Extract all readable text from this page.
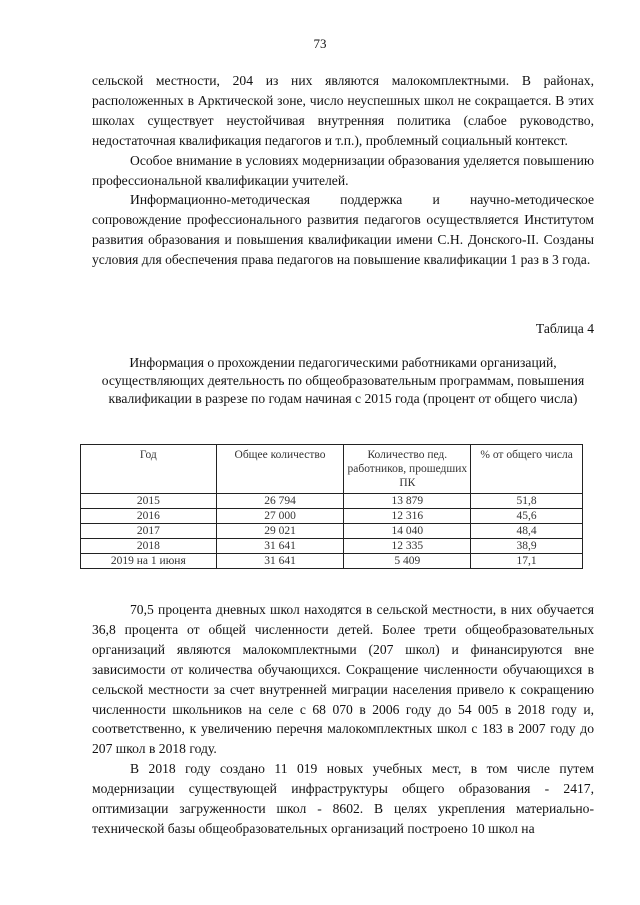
73

сельской местности, 204 из них являются малокомплектными. В районах, расположенных в Арктической зоне, число неуспешных школ не сокращается. В этих школах существует неустойчивая внутренняя политика (слабое руководство, недостаточная квалификация педагогов и т.п.), проблемный социальный контекст.

Особое внимание в условиях модернизации образования уделяется повышению профессиональной квалификации учителей.

Информационно-методическая поддержка и научно-методическое сопровождение профессионального развития педагогов осуществляется Институтом развития образования и повышения квалификации имени С.Н. Донского-II. Созданы условия для обеспечения права педагогов на повышение квалификации 1 раз в 3 года.

Таблица 4
Информация о прохождении педагогическими работниками организаций, осуществляющих деятельность по общеобразовательным программам, повышения квалификации в разрезе по годам начиная с 2015 года (процент от общего числа)
Год	Общее количество	Количество пед. работников, прошедших ПК	% от общего числа
2015	26 794	13 879	51,8
2016	27 000	12 316	45,6
2017	29 021	14 040	48,4
2018	31 641	12 335	38,9
2019 на 1 июня	31 641	5 409	17,1

70,5 процента дневных школ находятся в сельской местности, в них обучается 36,8 процента от общей численности детей. Более трети общеобразовательных организаций являются малокомплектными (207 школ) и финансируются вне зависимости от количества обучающихся. Сокращение численности обучающихся в сельской местности за счет внутренней миграции населения привело к сокращению численности школьников на селе с 68 070 в 2006 году до 54 005 в 2018 году и, соответственно, к увеличению перечня малокомплектных школ с 183 в 2007 году до 207 школ в 2018 году.

В 2018 году создано 11 019 новых учебных мест, в том числе путем модернизации существующей инфраструктуры общего образования - 2417, оптимизации загруженности школ - 8602. В целях укрепления материально-технической базы общеобразовательных организаций построено 10 школ на
